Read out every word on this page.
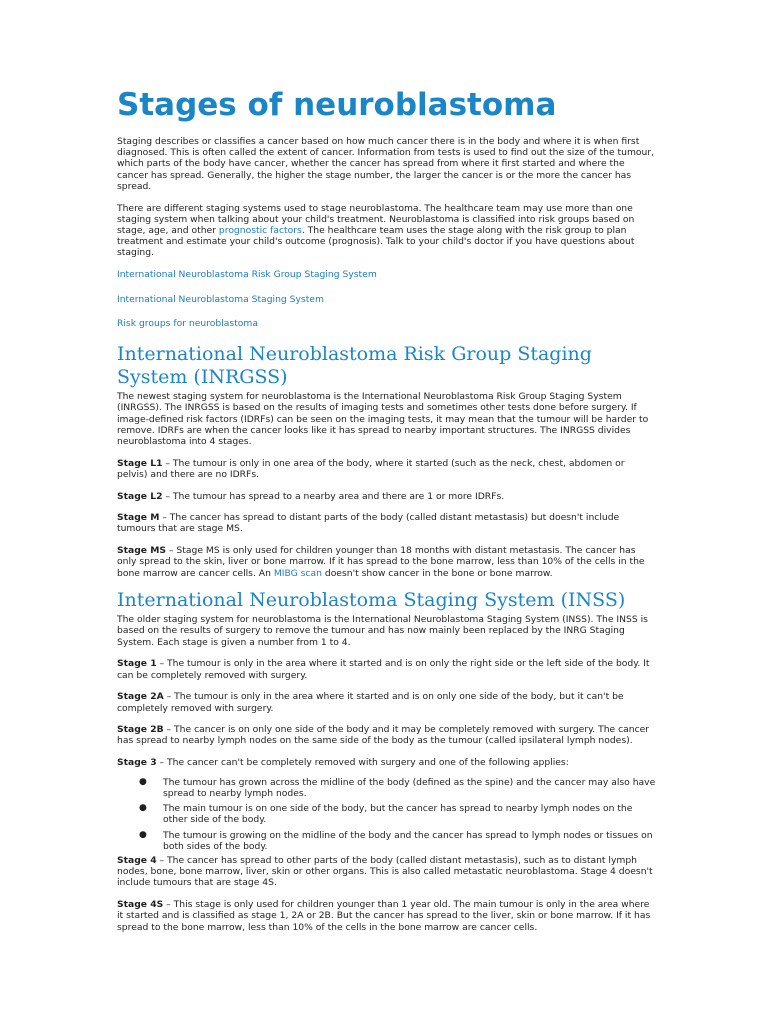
Stages of neuroblastoma

Staging describes or classifies a cancer based on how much cancer there is in the body and where it is when first diagnosed. This is often called the extent of cancer. Information from tests is used to find out the size of the tumour, which parts of the body have cancer, whether the cancer has spread from where it first started and where the cancer has spread. Generally, the higher the stage number, the larger the cancer is or the more the cancer has spread.

There are different staging systems used to stage neuroblastoma. The healthcare team may use more than one staging system when talking about your child's treatment. Neuroblastoma is classified into risk groups based on stage, age, and other prognostic factors. The healthcare team uses the stage along with the risk group to plan treatment and estimate your child's outcome (prognosis). Talk to your child's doctor if you have questions about staging.

International Neuroblastoma Risk Group Staging System

International Neuroblastoma Staging System

Risk groups for neuroblastoma

International Neuroblastoma Risk Group Staging System (INRGSS)

The newest staging system for neuroblastoma is the International Neuroblastoma Risk Group Staging System (INRGSS). The INRGSS is based on the results of imaging tests and sometimes other tests done before surgery. If image-defined risk factors (IDRFs) can be seen on the imaging tests, it may mean that the tumour will be harder to remove. IDRFs are when the cancer looks like it has spread to nearby important structures. The INRGSS divides neuroblastoma into 4 stages.

Stage L1 – The tumour is only in one area of the body, where it started (such as the neck, chest, abdomen or pelvis) and there are no IDRFs.

Stage L2 – The tumour has spread to a nearby area and there are 1 or more IDRFs.

Stage M – The cancer has spread to distant parts of the body (called distant metastasis) but doesn't include tumours that are stage MS.

Stage MS – Stage MS is only used for children younger than 18 months with distant metastasis. The cancer has only spread to the skin, liver or bone marrow. If it has spread to the bone marrow, less than 10% of the cells in the bone marrow are cancer cells. An MIBG scan doesn't show cancer in the bone or bone marrow.

International Neuroblastoma Staging System (INSS)

The older staging system for neuroblastoma is the International Neuroblastoma Staging System (INSS). The INSS is based on the results of surgery to remove the tumour and has now mainly been replaced by the INRG Staging System. Each stage is given a number from 1 to 4.

Stage 1 – The tumour is only in the area where it started and is on only the right side or the left side of the body. It can be completely removed with surgery.

Stage 2A – The tumour is only in the area where it started and is on only one side of the body, but it can't be completely removed with surgery.

Stage 2B – The cancer is on only one side of the body and it may be completely removed with surgery. The cancer has spread to nearby lymph nodes on the same side of the body as the tumour (called ipsilateral lymph nodes).

Stage 3 – The cancer can't be completely removed with surgery and one of the following applies:

● The tumour has grown across the midline of the body (defined as the spine) and the cancer may also have spread to nearby lymph nodes.
● The main tumour is on one side of the body, but the cancer has spread to nearby lymph nodes on the other side of the body.
● The tumour is growing on the midline of the body and the cancer has spread to lymph nodes or tissues on both sides of the body.

Stage 4 – The cancer has spread to other parts of the body (called distant metastasis), such as to distant lymph nodes, bone, bone marrow, liver, skin or other organs. This is also called metastatic neuroblastoma. Stage 4 doesn't include tumours that are stage 4S.

Stage 4S – This stage is only used for children younger than 1 year old. The main tumour is only in the area where it started and is classified as stage 1, 2A or 2B. But the cancer has spread to the liver, skin or bone marrow. If it has spread to the bone marrow, less than 10% of the cells in the bone marrow are cancer cells.
